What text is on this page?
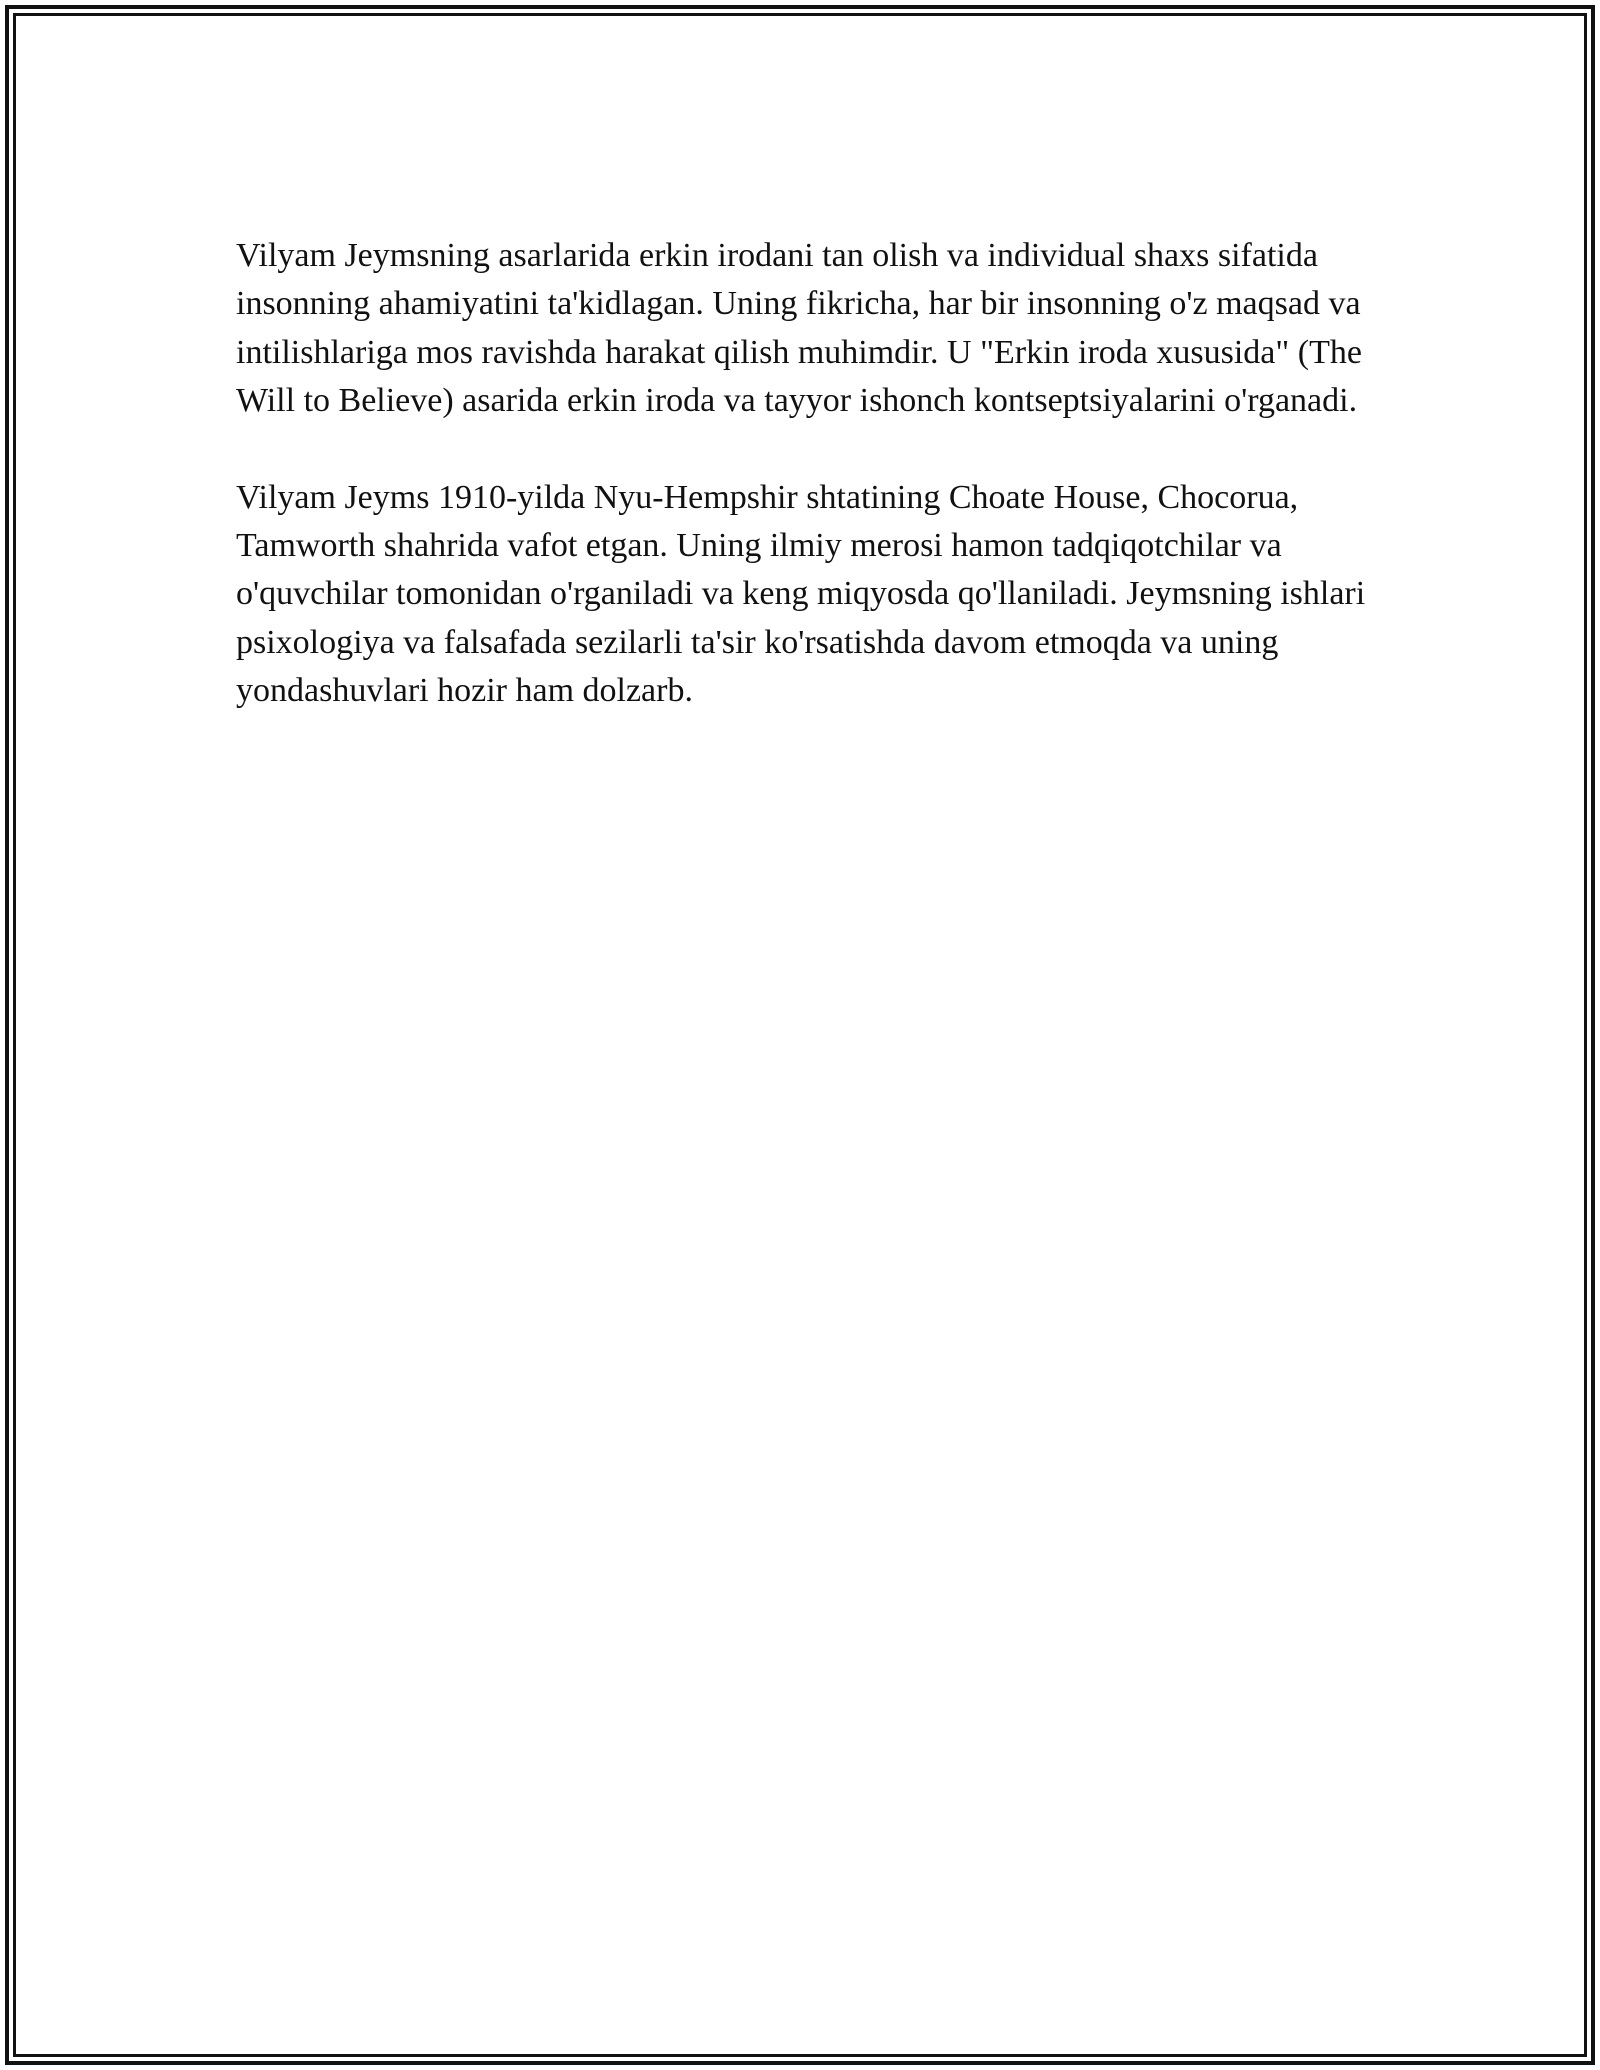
Vilyam Jeymsning asarlarida erkin irodani tan olish va individual shaxs sifatida insonning ahamiyatini ta'kidlagan. Uning fikricha, har bir insonning o'z maqsad va intilishlariga mos ravishda harakat qilish muhimdir. U "Erkin iroda xususida" (The Will to Believe) asarida erkin iroda va tayyor ishonch kontseptsiyalarini o'rganadi.

Vilyam Jeyms 1910-yilda Nyu-Hempshir shtatining Choate House, Chocorua, Tamworth shahrida vafot etgan. Uning ilmiy merosi hamon tadqiqotchilar va o'quvchilar tomonidan o'rganiladi va keng miqyosda qo'llaniladi. Jeymsning ishlari psixologiya va falsafada sezilarli ta'sir ko'rsatishda davom etmoqda va uning yondashuvlari hozir ham dolzarb.
